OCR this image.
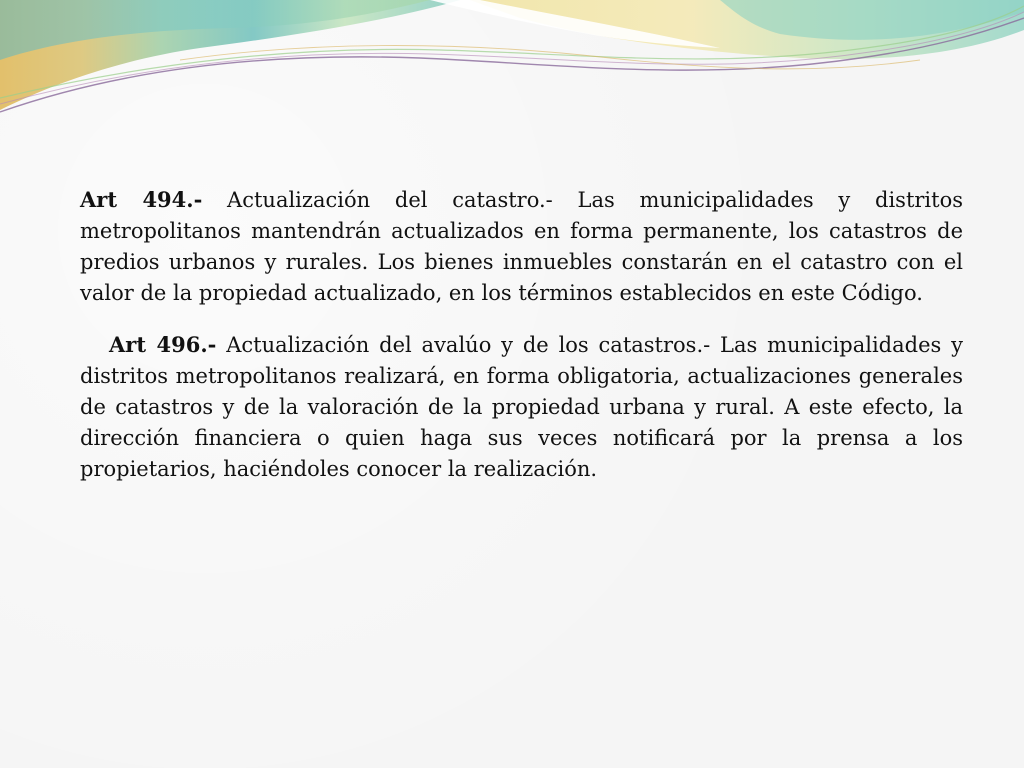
Art 494.- Actualización del catastro.- Las municipalidades y distritos metropolitanos mantendrán actualizados en forma permanente, los catastros de predios urbanos y rurales. Los bienes inmuebles constarán en el catastro con el valor de la propiedad actualizado, en los términos establecidos en este Código.

Art 496.- Actualización del avalúo y de los catastros.- Las municipalidades y distritos metropolitanos realizará, en forma obligatoria, actualizaciones generales de catastros y de la valoración de la propiedad urbana y rural. A este efecto, la dirección financiera o quien haga sus veces notificará por la prensa a los propietarios, haciéndoles conocer la realización.
